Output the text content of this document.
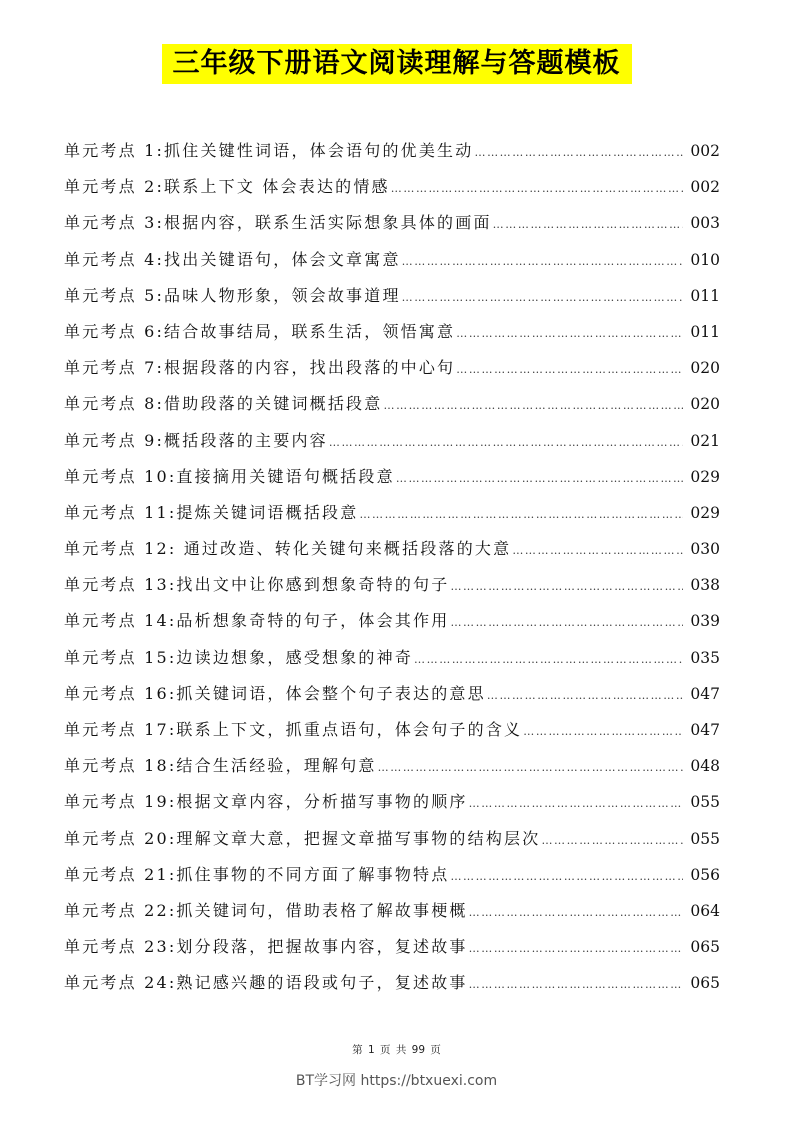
三年级下册语文阅读理解与答题模板
单元考点 1:抓住关键性词语，体会语句的优美生动 …………………………………………………………………………………………………………	002
单元考点 2:联系上下文 体会表达的情感 …………………………………………………………………………………………………………	002
单元考点 3:根据内容，联系生活实际想象具体的画面 …………………………………………………………………………………………………………	003
单元考点 4:找出关键语句，体会文章寓意 …………………………………………………………………………………………………………	010
单元考点 5:品味人物形象，领会故事道理 …………………………………………………………………………………………………………	011
单元考点 6:结合故事结局，联系生活，领悟寓意 …………………………………………………………………………………………………………	011
单元考点 7:根据段落的内容，找出段落的中心句 …………………………………………………………………………………………………………	020
单元考点 8:借助段落的关键词概括段意 …………………………………………………………………………………………………………	020
单元考点 9:概括段落的主要内容 …………………………………………………………………………………………………………	021
单元考点 10:直接摘用关键语句概括段意 …………………………………………………………………………………………………………	029
单元考点 11:提炼关键词语概括段意 …………………………………………………………………………………………………………	029
单元考点 12: 通过改造、转化关键句来概括段落的大意 …………………………………………………………………………………………………………	030
单元考点 13:找出文中让你感到想象奇特的句子 …………………………………………………………………………………………………………	038
单元考点 14:品析想象奇特的句子，体会其作用 …………………………………………………………………………………………………………	039
单元考点 15:边读边想象，感受想象的神奇 …………………………………………………………………………………………………………	035
单元考点 16:抓关键词语，体会整个句子表达的意思 …………………………………………………………………………………………………………	047
单元考点 17:联系上下文，抓重点语句，体会句子的含义 …………………………………………………………………………………………………………	047
单元考点 18:结合生活经验，理解句意 …………………………………………………………………………………………………………	048
单元考点 19:根据文章内容，分析描写事物的顺序 …………………………………………………………………………………………………………	055
单元考点 20:理解文章大意，把握文章描写事物的结构层次 …………………………………………………………………………………………………………	055
单元考点 21:抓住事物的不同方面了解事物特点 …………………………………………………………………………………………………………	056
单元考点 22:抓关键词句，借助表格了解故事梗概 …………………………………………………………………………………………………………	064
单元考点 23:划分段落，把握故事内容，复述故事 …………………………………………………………………………………………………………	065
单元考点 24:熟记感兴趣的语段或句子，复述故事 …………………………………………………………………………………………………………	065
第 1 页 共 99 页
BT学习网 https://btxuexi.com
